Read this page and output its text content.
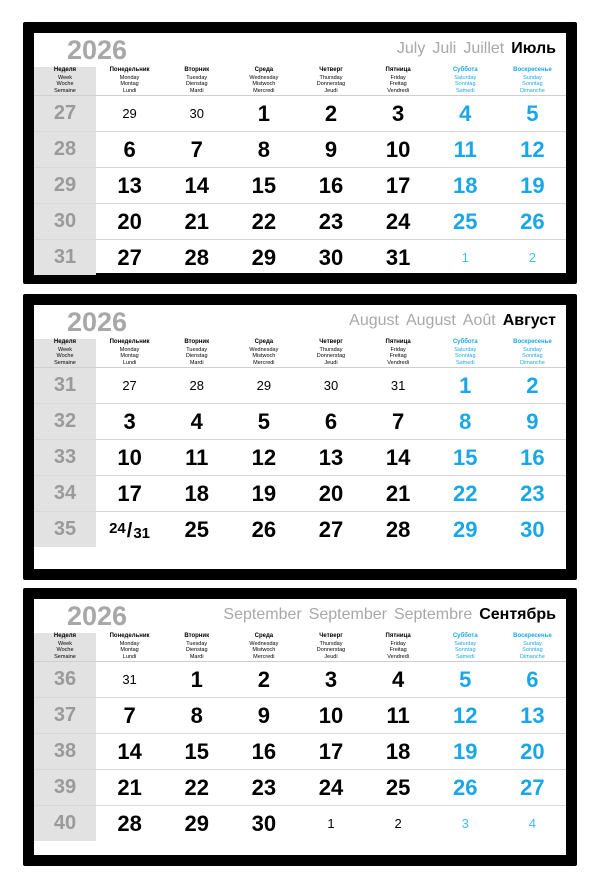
2026	July Juli Juillet Июль
Неделя
Week
Woche
Semaine	Понедельник
Monday
Montag
Lundi	Вторник
Tuesday
Dienstag
Mardi	Среда
Wednesday
Mistwoch
Mercredi	Четверг
Thursday
Donnerstag
Jeudi	Пятница
Friday
Freitag
Vendredi	Суббота
Saturday
Sonntag
Samedi	Воскресенье
Sunday
Sonntag
Dimanche

27	29	30	1	2	3	4	5
28	6	7	8	9	10	11	12
29	13	14	15	16	17	18	19
30	20	21	22	23	24	25	26
31	27	28	29	30	31	1	2
2026	August August Août Август
Неделя
Week
Woche
Semaine	Понедельник
Monday
Montag
Lundi	Вторник
Tuesday
Dienstag
Mardi	Среда
Wednesday
Mistwoch
Mercredi	Четверг
Thursday
Donnerstag
Jeudi	Пятница
Friday
Freitag
Vendredi	Суббота
Saturday
Sonntag
Samedi	Воскресенье
Sunday
Sonntag
Dimanche

31	27	28	29	30	31	1	2
32	3	4	5	6	7	8	9
33	10	11	12	13	14	15	16
34	17	18	19	20	21	22	23
35	24/31	25	26	27	28	29	30
2026	September September Septembre Сентябрь
Неделя
Week
Woche
Semaine	Понедельник
Monday
Montag
Lundi	Вторник
Tuesday
Dienstag
Mardi	Среда
Wednesday
Mistwoch
Mercredi	Четверг
Thursday
Donnerstag
Jeudi	Пятница
Friday
Freitag
Vendredi	Суббота
Saturday
Sonntag
Samedi	Воскресенье
Sunday
Sonntag
Dimanche

36	31	1	2	3	4	5	6
37	7	8	9	10	11	12	13
38	14	15	16	17	18	19	20
39	21	22	23	24	25	26	27
40	28	29	30	1	2	3	4
